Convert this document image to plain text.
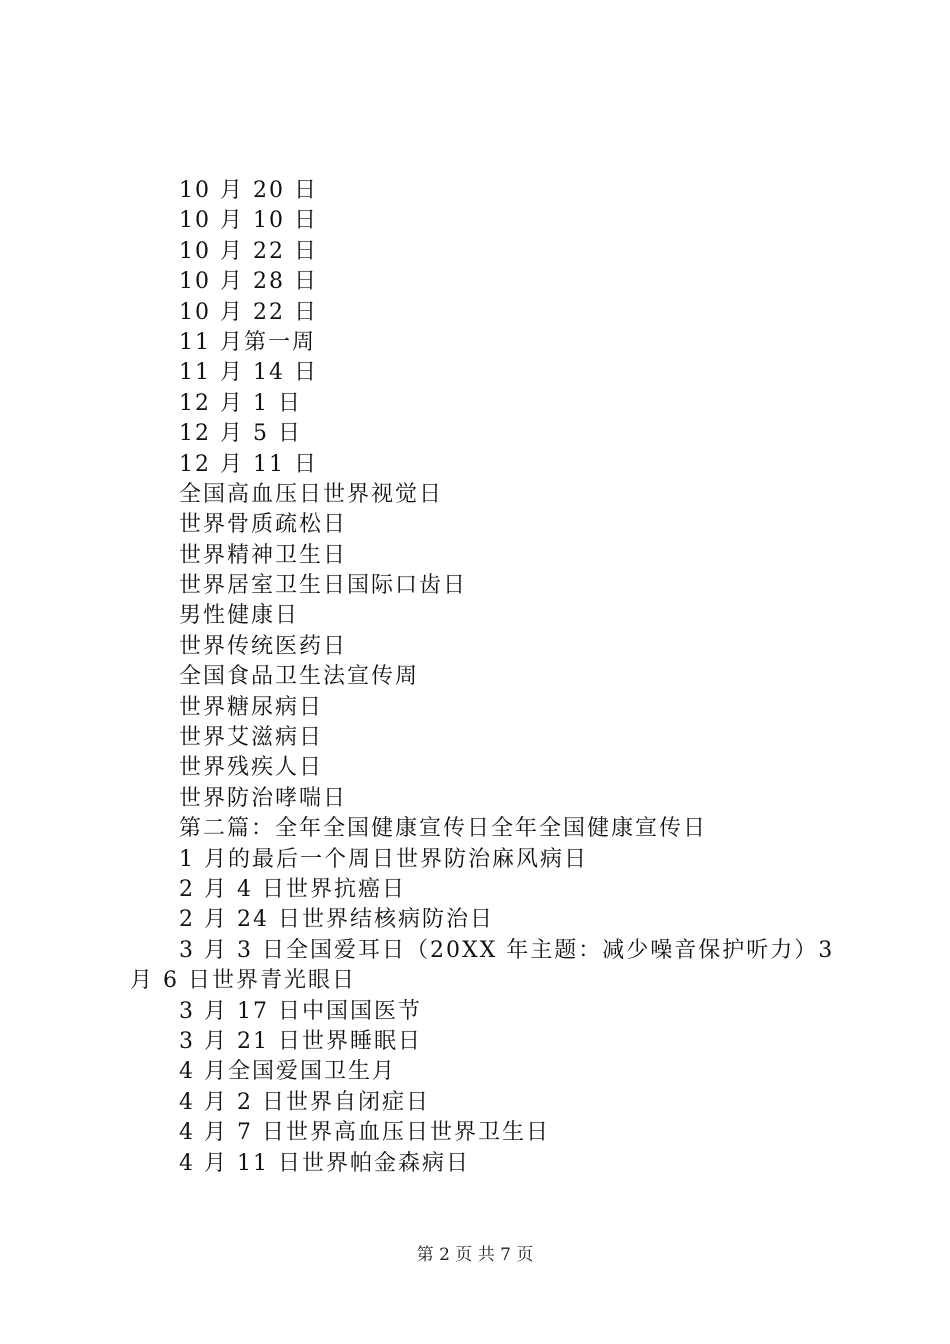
10 月 20 日
10 月 10 日
10 月 22 日
10 月 28 日
10 月 22 日
11 月第一周
11 月 14 日
12 月 1 日
12 月 5 日
12 月 11 日
全国高血压日世界视觉日
世界骨质疏松日
世界精神卫生日
世界居室卫生日国际口齿日
男性健康日
世界传统医药日
全国食品卫生法宣传周
世界糖尿病日
世界艾滋病日
世界残疾人日
世界防治哮喘日
第二篇：全年全国健康宣传日全年全国健康宣传日
1 月的最后一个周日世界防治麻风病日
2 月 4 日世界抗癌日
2 月 24 日世界结核病防治日
3 月 3 日全国爱耳日（20XX 年主题：减少噪音保护听力）3 月 6 日世界青光眼日
3 月 17 日中国国医节
3 月 21 日世界睡眠日
4 月全国爱国卫生月
4 月 2 日世界自闭症日
4 月 7 日世界高血压日世界卫生日
4 月 11 日世界帕金森病日
第 2 页 共 7 页
